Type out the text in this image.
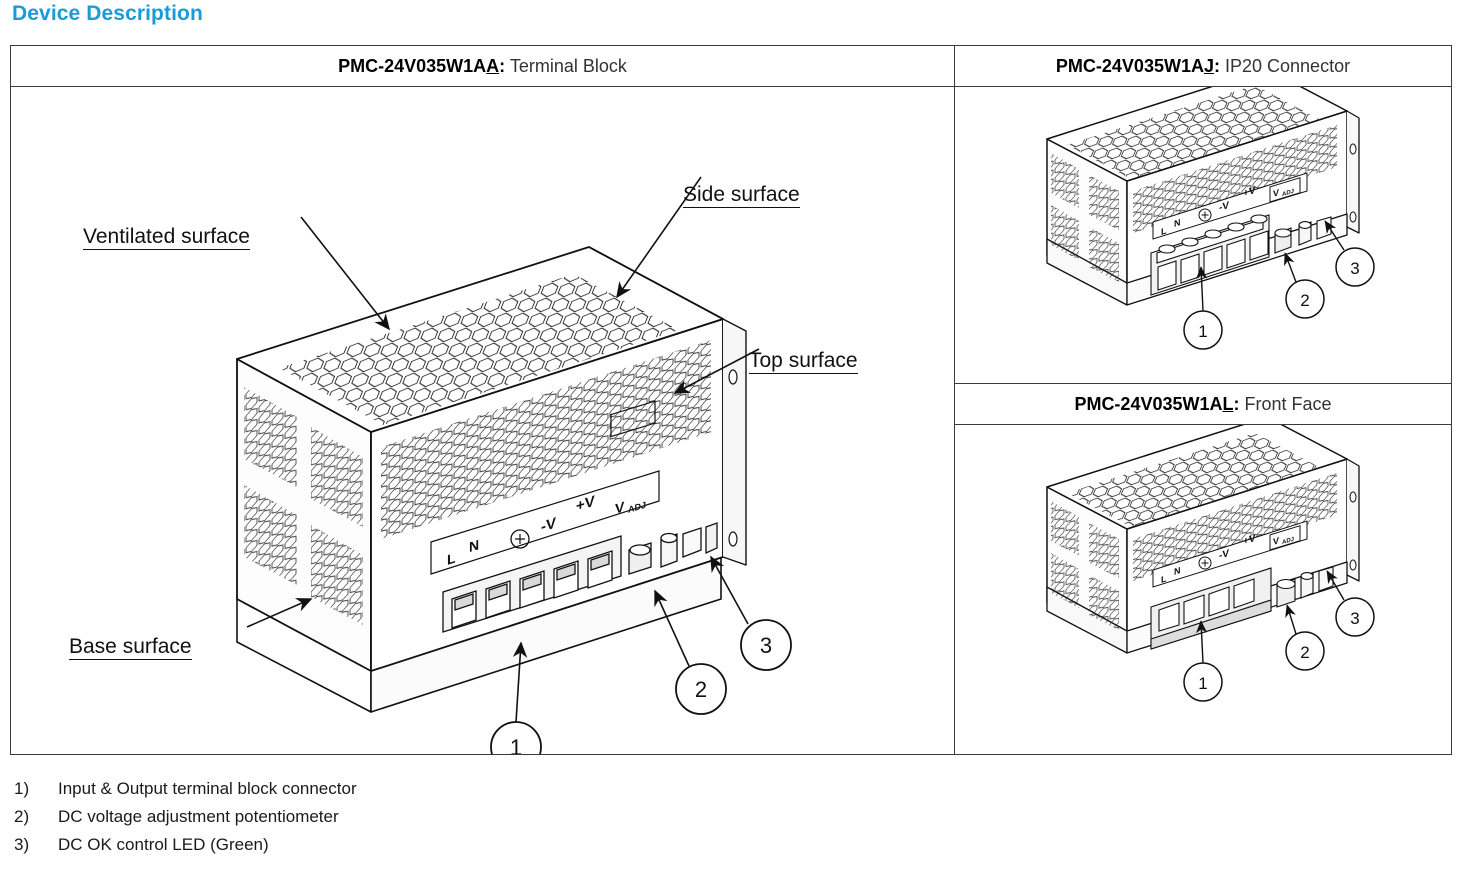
Device Description
PMC-24V035W1AA: Terminal Block
L
N
-V
+V V ADJ
1
2
3
Ventilated surface
Side surface
Top surface
Base surface
PMC-24V035W1AJ: IP20 Connector
L
N
-V
+V V ADJ
1
2
3
PMC-24V035W1AL: Front Face
L
N
-V
+V V ADJ
1
2
3
1)	Input & Output terminal block connector
2)	DC voltage adjustment potentiometer
3)	DC OK control LED (Green)
